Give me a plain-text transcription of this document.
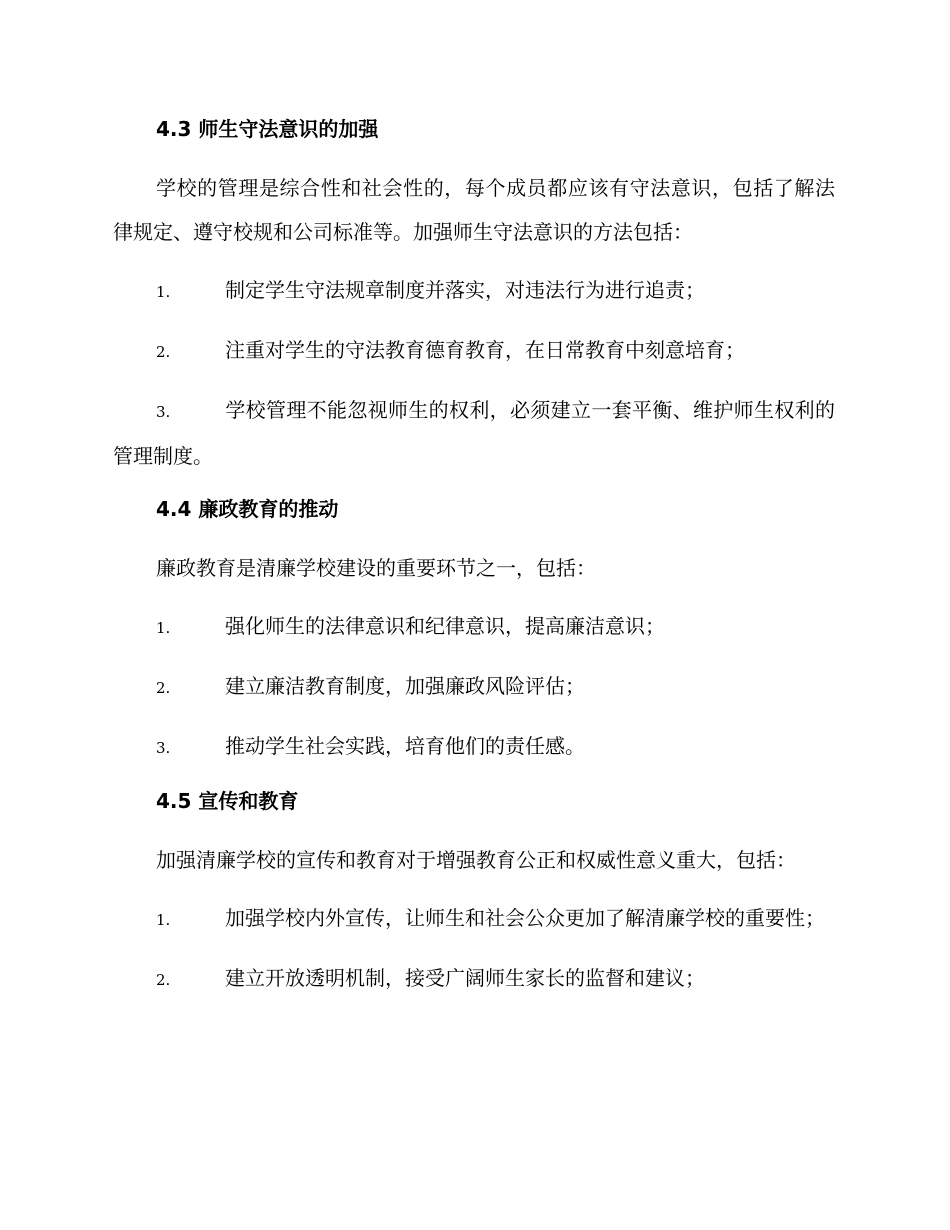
4.3 师生守法意识的加强

学校的管理是综合性和社会性的，每个成员都应该有守法意识，包括了解法律规定、遵守校规和公司标准等。加强师生守法意识的方法包括：

1.	制定学生守法规章制度并落实，对违法行为进行追责；

2.	注重对学生的守法教育德育教育，在日常教育中刻意培育；

3.	学校管理不能忽视师生的权利，必须建立一套平衡、维护师生权利的管理制度。

4.4 廉政教育的推动

廉政教育是清廉学校建设的重要环节之一，包括：

1.	强化师生的法律意识和纪律意识，提高廉洁意识；

2.	建立廉洁教育制度，加强廉政风险评估；

3.	推动学生社会实践，培育他们的责任感。

4.5 宣传和教育

加强清廉学校的宣传和教育对于增强教育公正和权威性意义重大，包括：

1.	加强学校内外宣传，让师生和社会公众更加了解清廉学校的重要性；

2.	建立开放透明机制，接受广阔师生家长的监督和建议；
